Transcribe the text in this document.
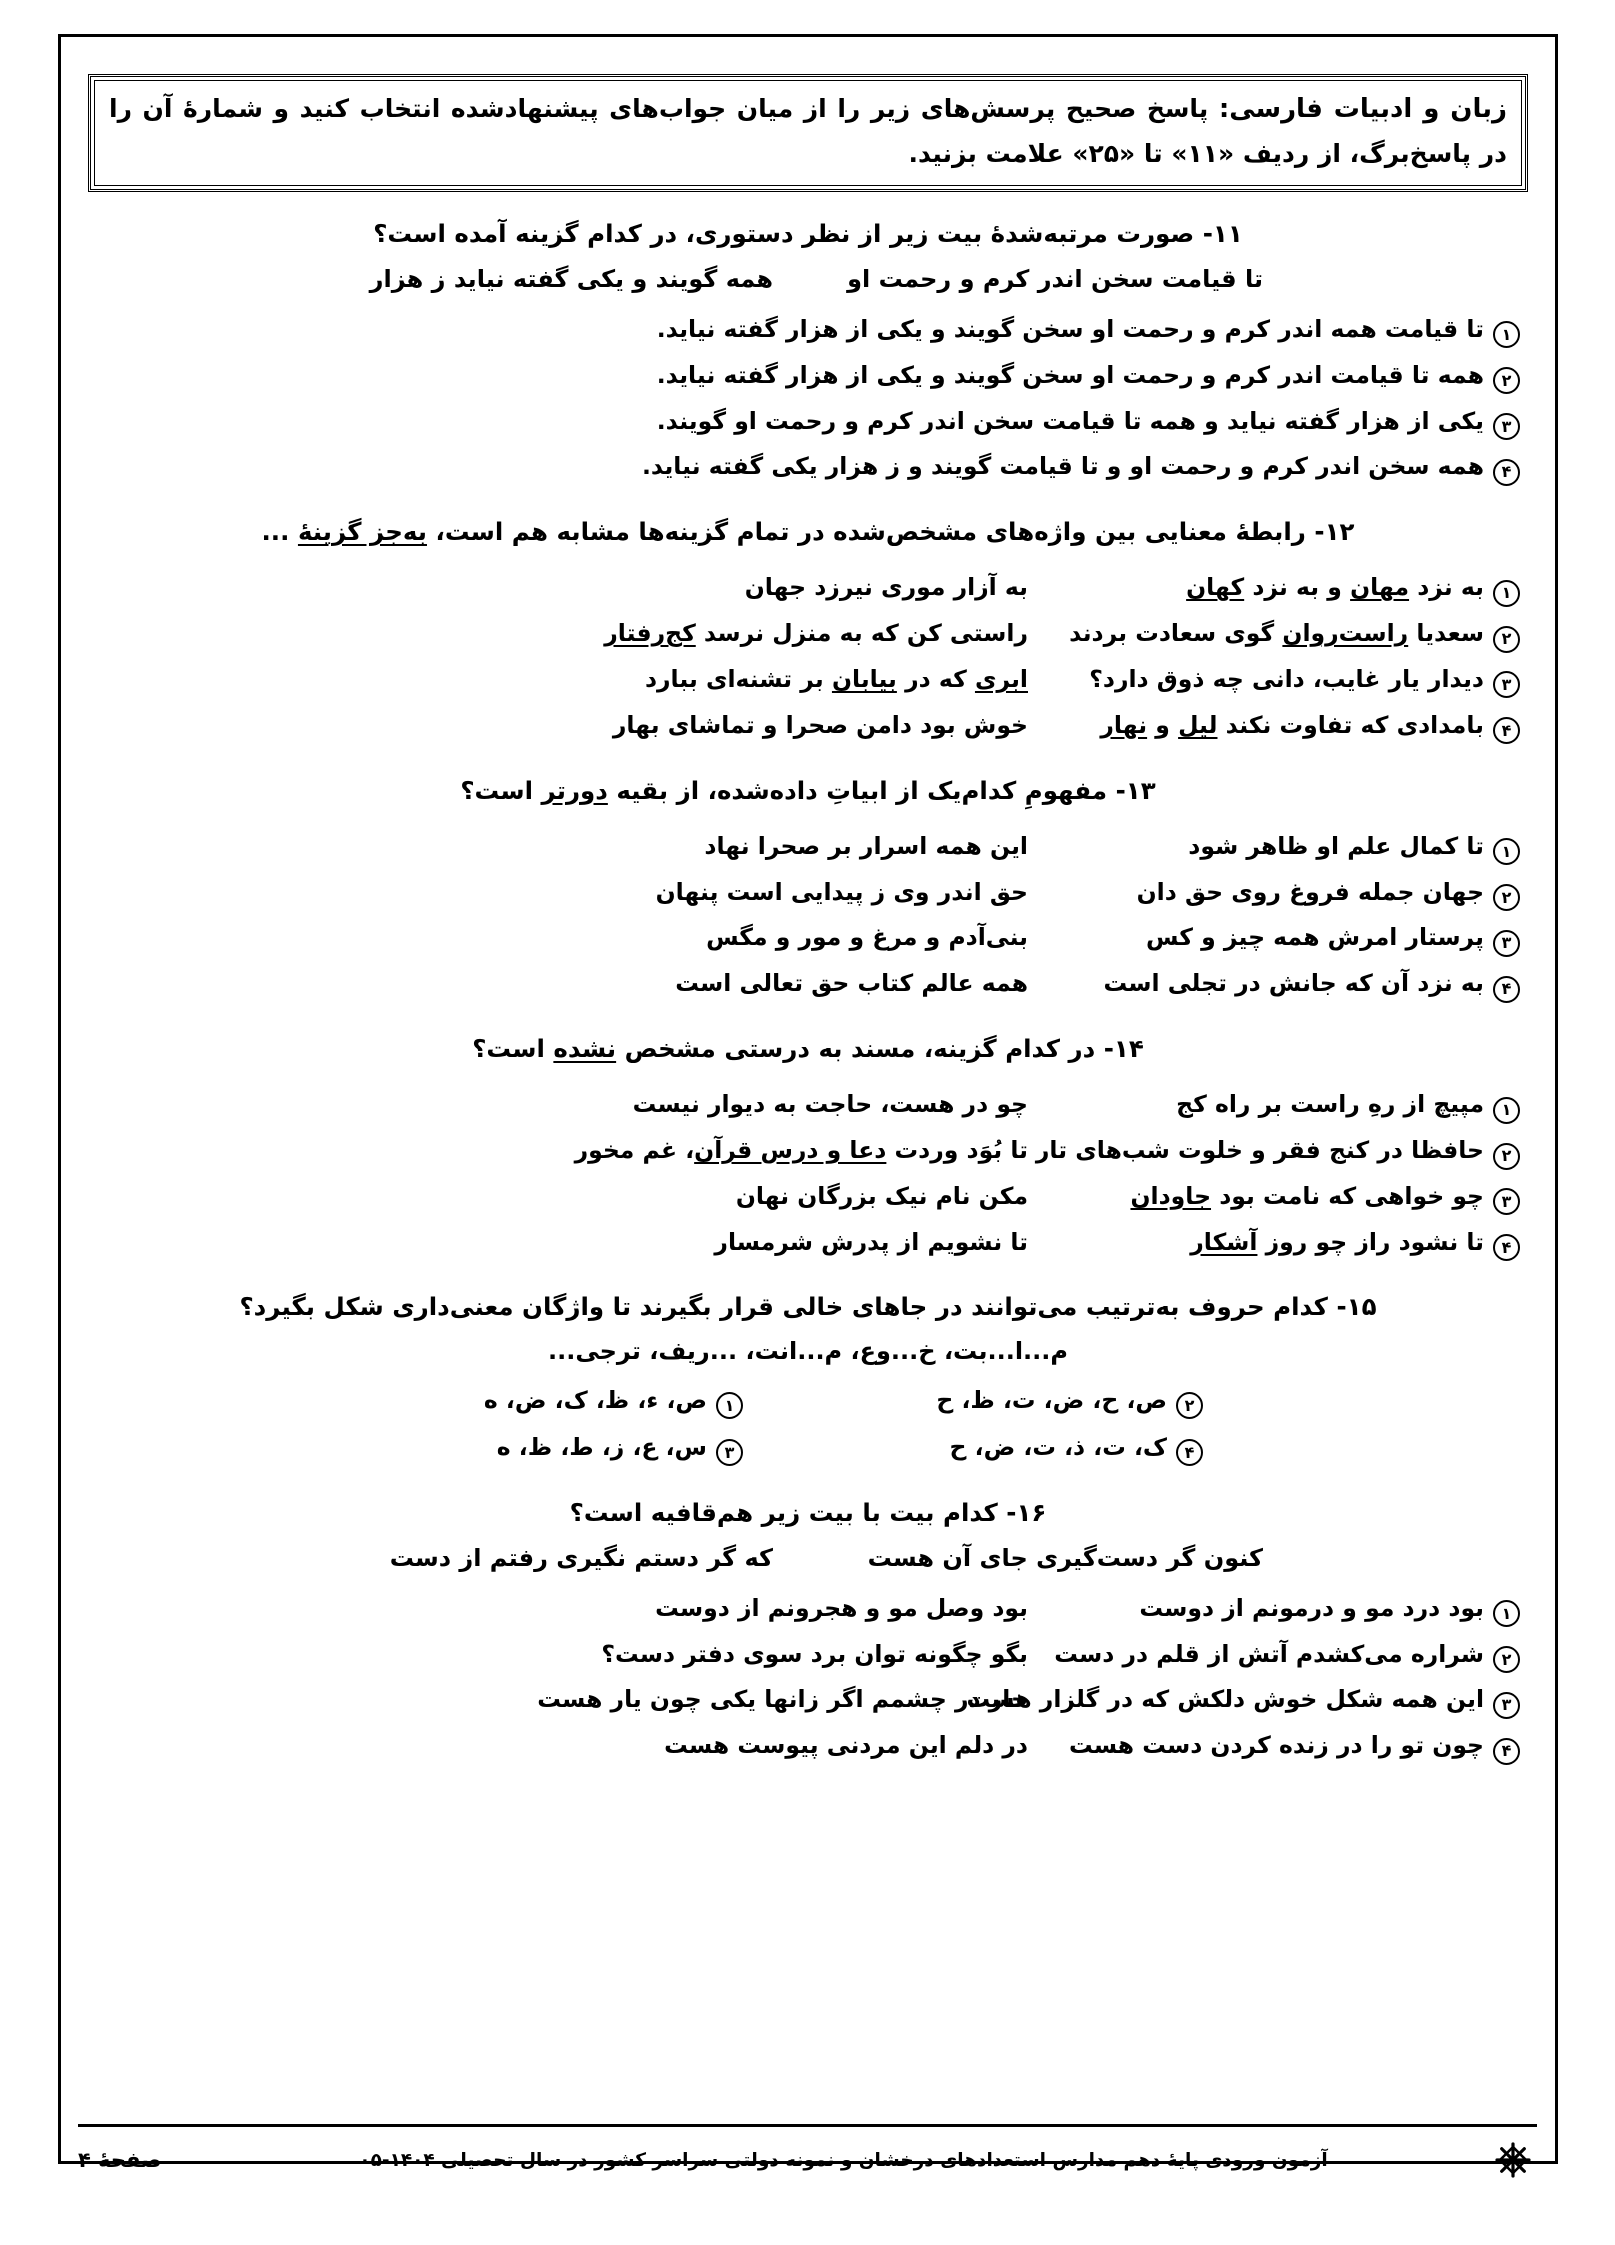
زبان و ادبیات فارسی: پاسخ صحیح پرسش‌های زیر را از میان جواب‌های پیشنهادشده انتخاب کنید و شمارهٔ آن را در پاسخ‌برگ، از ردیف «۱۱» تا «۲۵» علامت بزنید.
۱۱- صورت مرتبه‌شدهٔ بیت زیر از نظر دستوری، در کدام گزینه آمده است؟
تا قیامت سخن اندر کرم و رحمت او
همه گویند و یکی گفته نیاید ز هزار
۱
تا قیامت همه اندر کرم و رحمت او سخن گویند و یکی از هزار گفته نیاید.
۲
همه تا قیامت اندر کرم و رحمت او سخن گویند و یکی از هزار گفته نیاید.
۳
یکی از هزار گفته نیاید و همه تا قیامت سخن اندر کرم و رحمت او گویند.
۴
همه سخن اندر کرم و رحمت او و تا قیامت گویند و ز هزار یکی گفته نیاید.
۱۲- رابطهٔ معنایی بین واژه‌های مشخص‌شده در تمام گزینه‌ها مشابه هم است، به‌جز گزینهٔ ...
۱
به نزد مهان و به نزد کهان
به آزار موری نیرزد جهان
۲
سعدیا راست‌روان گوی سعادت بردند
راستی کن که به منزل نرسد کج‌رفتار
۳
دیدار یار غایب، دانی چه ذوق دارد؟
ابری که در بیابان بر تشنه‌ای ببارد
۴
بامدادی که تفاوت نکند لیل و نهار
خوش بود دامن صحرا و تماشای بهار
۱۳- مفهومِ کدام‌یک از ابیاتِ داده‌شده، از بقیه دورتر است؟
۱
تا کمال علم او ظاهر شود
این همه اسرار بر صحرا نهاد
۲
جهان جمله فروغ روی حق دان
حق اندر وی ز پیدایی است پنهان
۳
پرستار امرش همه چیز و کس
بنی‌آدم و مرغ و مور و مگس
۴
به نزد آن که جانش در تجلی است
همه عالم کتاب حق تعالی است
۱۴- در کدام گزینه، مسند به درستی مشخص نشده است؟
۱
مپیچ از رهِ راست بر راه کج
چو در هست، حاجت به دیوار نیست
۲
حافظا در کنج فقر و خلوت شب‌های تار
تا بُوَد وردت دعا و درس قرآن، غم مخور
۳
چو خواهی که نامت بود جاودان
مکن نام نیک بزرگان نهان
۴
تا نشود راز چو روز آشکار
تا نشویم از پدرش شرمسار
۱۵- کدام حروف به‌ترتیب می‌توانند در جاهای خالی قرار بگیرند تا واژگان معنی‌داری شکل بگیرد؟
م...ا...بت، خ...وع، م...انت، ...ریف، ترجی...
۲
ص، ح، ض، ت، ظ، ح
۱
ص، ء، ظ، ک، ض، ه
۴
ک، ت، ذ، ت، ض، ح
۳
س، ع، ز، ط، ظ، ه
۱۶- کدام بیت با بیت زیر هم‌قافیه است؟
کنون گر دست‌گیری جای آن هست
که گر دستم نگیری رفتم از دست
۱
بود درد مو و درمونم از دوست
بود وصل مو و هجرونم از دوست
۲
شراره می‌کشدم آتش از قلم در دست
بگو چگونه توان برد سوی دفتر دست؟
۳
این همه شکل خوش دلکش که در گلزار هست
خار در چشمم اگر زانها یکی چون یار هست
۴
چون تو را در زنده کردن دست هست
در دلم این مردنی پیوست هست
آزمون ورودی پایهٔ دهم مدارس استعدادهای درخشان و نمونه دولتی سراسر کشور در سال تحصیلی ۱۴۰۴-۰۵
صفحهٔ ۴
